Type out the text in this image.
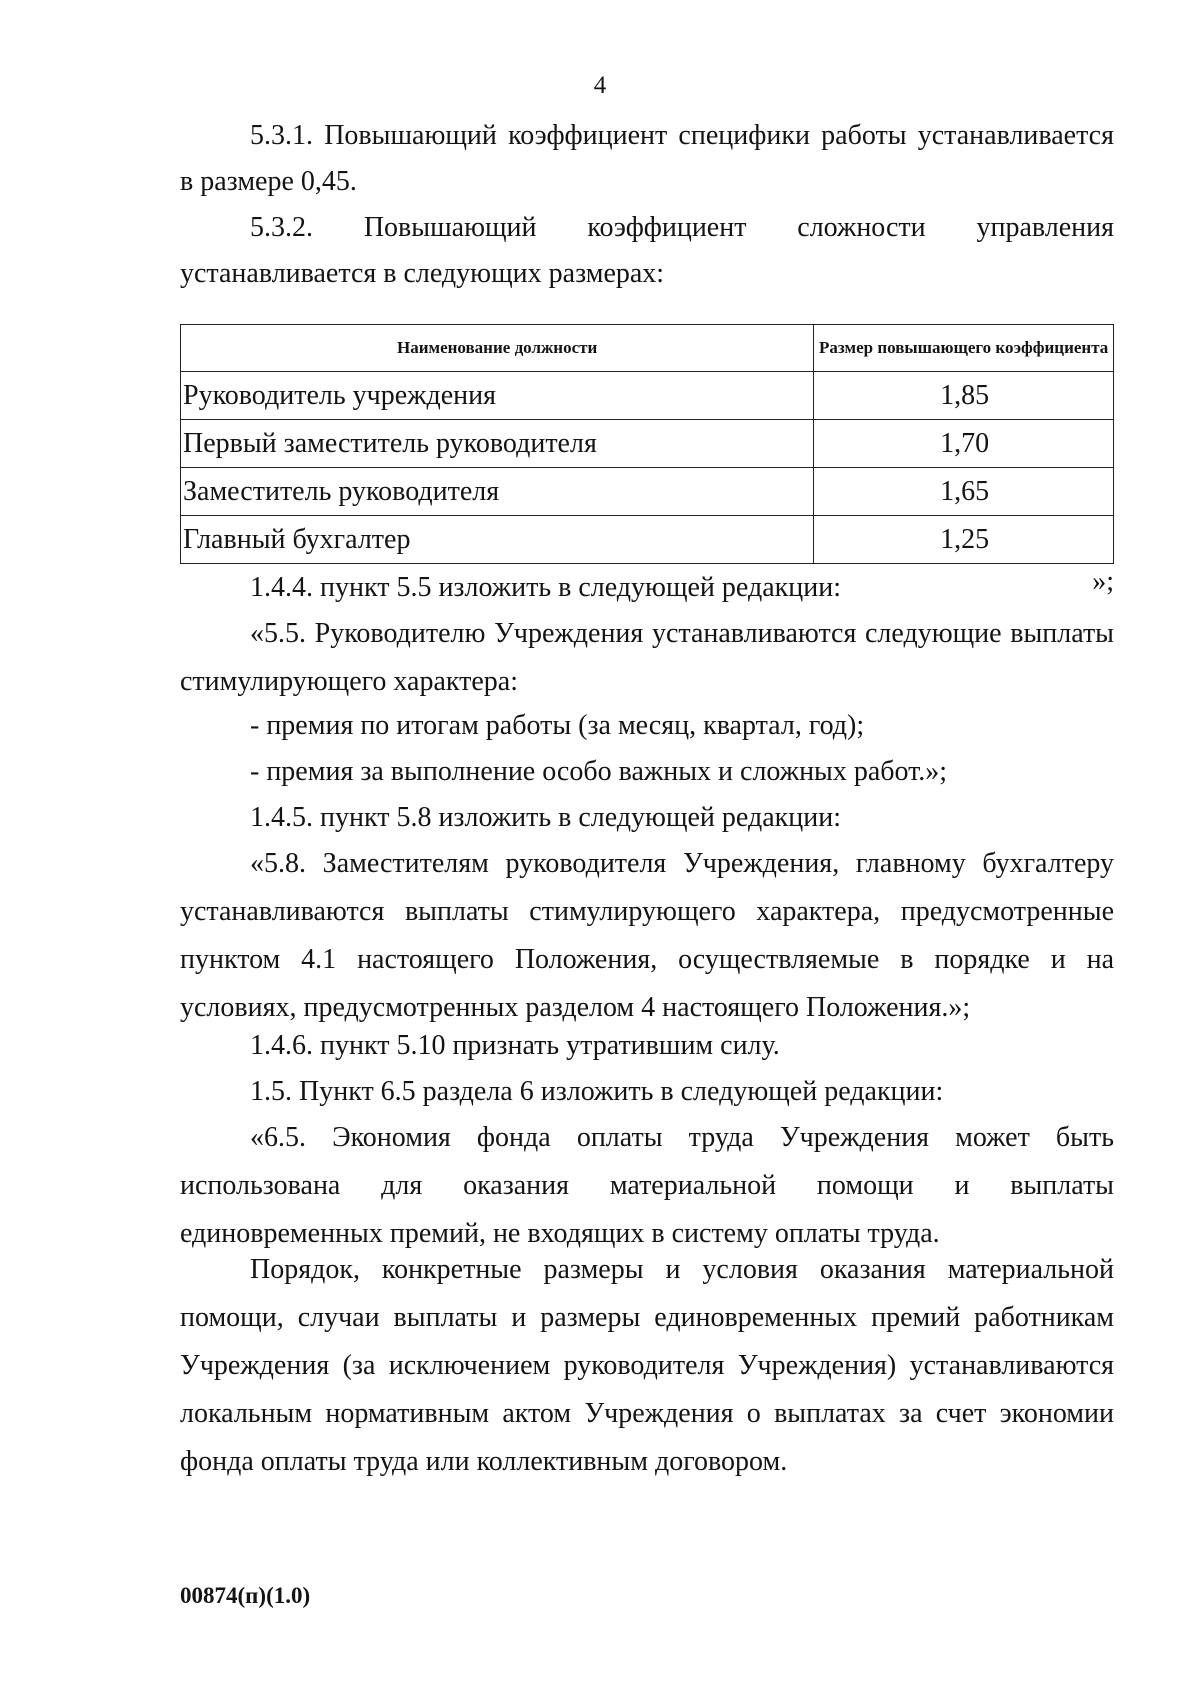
4

5.3.1. Повышающий коэффициент специфики работы устанавливается

в размере 0,45.

5.3.2. Повышающий коэффициент сложности управления

устанавливается в следующих размерах:

Наименование должности	Размер повышающего коэффициента
Руководитель учреждения	1,85
Первый заместитель руководителя	1,70
Заместитель руководителя	1,65
Главный бухгалтер	1,25
»;

1.4.4. пункт 5.5 изложить в следующей редакции:

«5.5. Руководителю Учреждения устанавливаются следующие выплаты стимулирующего характера:

- премия по итогам работы (за месяц, квартал, год);

- премия за выполнение особо важных и сложных работ.»;

1.4.5. пункт 5.8 изложить в следующей редакции:

«5.8. Заместителям руководителя Учреждения, главному бухгалтеру устанавливаются выплаты стимулирующего характера, предусмотренные пунктом 4.1 настоящего Положения, осуществляемые в порядке и на условиях, предусмотренных разделом 4 настоящего Положения.»;

1.4.6. пункт 5.10 признать утратившим силу.

1.5. Пункт 6.5 раздела 6 изложить в следующей редакции:

«6.5. Экономия фонда оплаты труда Учреждения может быть использована для оказания материальной помощи и выплаты единовременных премий, не входящих в систему оплаты труда.

Порядок, конкретные размеры и условия оказания материальной помощи, случаи выплаты и размеры единовременных премий работникам Учреждения (за исключением руководителя Учреждения) устанавливаются локальным нормативным актом Учреждения о выплатах за счет экономии фонда оплаты труда или коллективным договором.

00874(п)(1.0)
